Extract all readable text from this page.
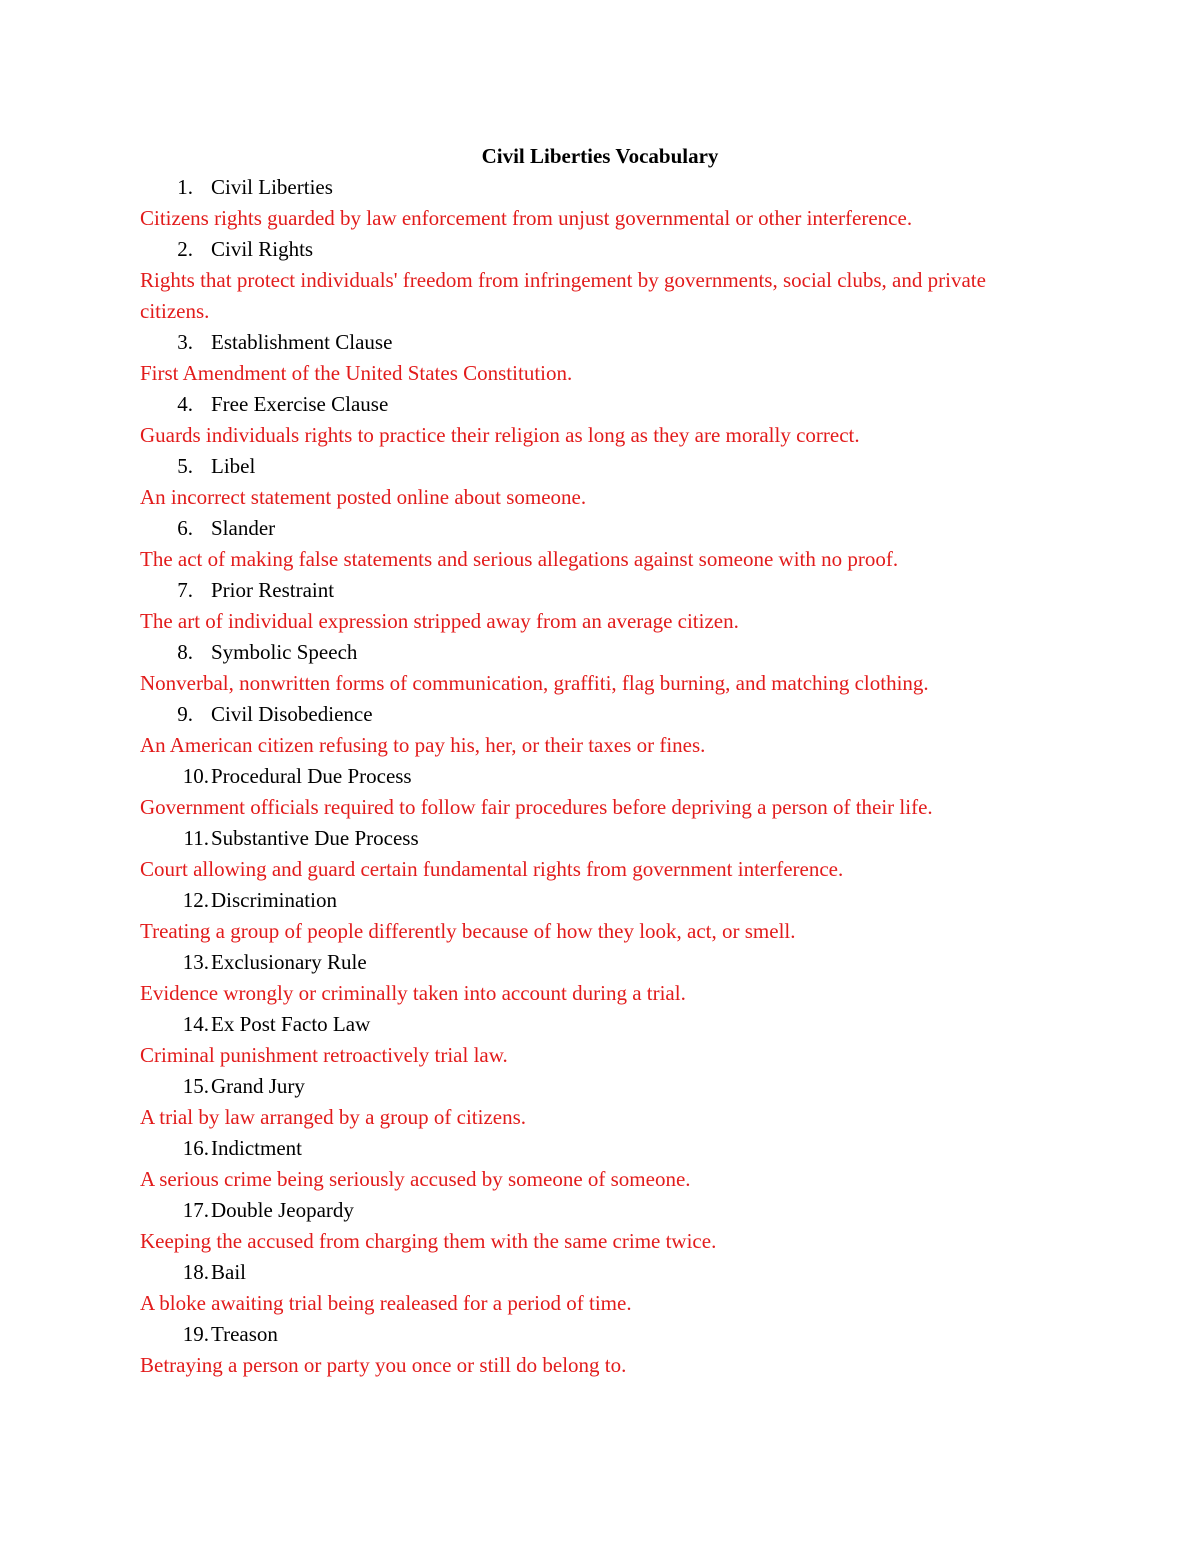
Civil Liberties Vocabulary
1. Civil Liberties
Citizens rights guarded by law enforcement from unjust governmental or other interference.
2. Civil Rights
Rights that protect individuals' freedom from infringement by governments, social clubs, and private citizens.
3. Establishment Clause
First Amendment of the United States Constitution.
4. Free Exercise Clause
Guards individuals rights to practice their religion as long as they are morally correct.
5. Libel
An incorrect statement posted online about someone.
6. Slander
The act of making false statements and serious allegations against someone with no proof.
7. Prior Restraint
The art of individual expression stripped away from an average citizen.
8. Symbolic Speech
Nonverbal, nonwritten forms of communication, graffiti, flag burning, and matching clothing.
9. Civil Disobedience
An American citizen refusing to pay his, her, or their taxes or fines.
10. Procedural Due Process
Government officials required to follow fair procedures before depriving a person of their life.
11. Substantive Due Process
Court allowing and guard certain fundamental rights from government interference.
12. Discrimination
Treating a group of people differently because of how they look, act, or smell.
13. Exclusionary Rule
Evidence wrongly or criminally taken into account during a trial.
14. Ex Post Facto Law
Criminal punishment retroactively trial law.
15. Grand Jury
A trial by law arranged by a group of citizens.
16. Indictment
A serious crime being seriously accused by someone of someone.
17. Double Jeopardy
Keeping the accused from charging them with the same crime twice.
18. Bail
A bloke awaiting trial being realeased for a period of time.
19. Treason
Betraying a person or party you once or still do belong to.
